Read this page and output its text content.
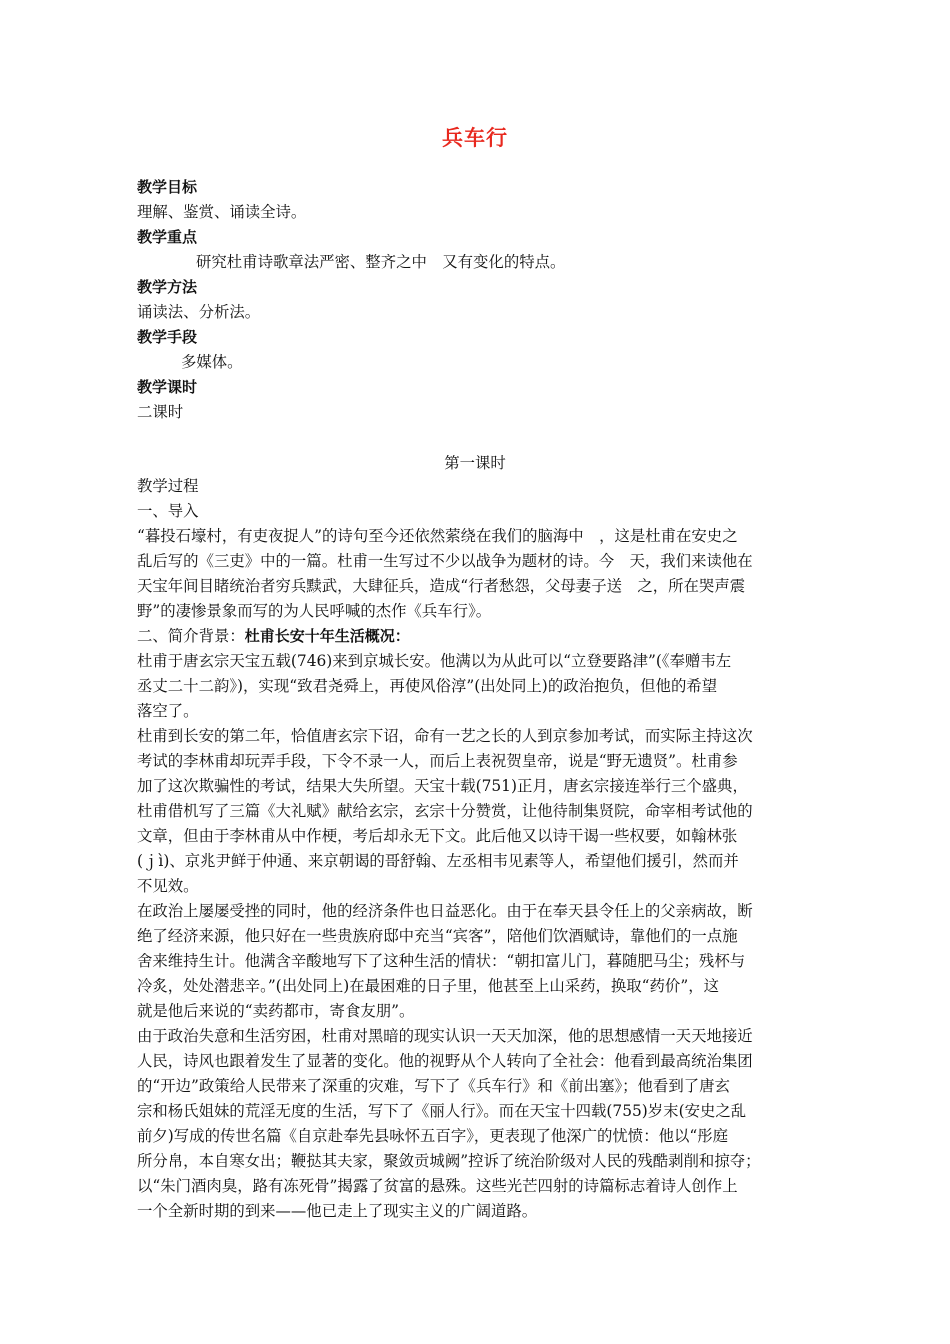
兵车行
教学目标
理解、鉴赏、诵读全诗。
教学重点
研究杜甫诗歌章法严密、整齐之中　又有变化的特点。
教学方法
诵读法、分析法。
教学手段
多媒体。
教学课时
二课时
第一课时
教学过程
一、导入
“暮投石壕村，有吏夜捉人”的诗句至今还依然萦绕在我们的脑海中　，这是杜甫在安史之
乱后写的《三吏》中的一篇。杜甫一生写过不少以战争为题材的诗。今　天，我们来读他在
天宝年间目睹统治者穷兵黩武，大肆征兵，造成“行者愁怨，父母妻子送　之，所在哭声震
野”的凄惨景象而写的为人民呼喊的杰作《兵车行》。
二、简介背景：杜甫长安十年生活概况：
杜甫于唐玄宗天宝五载(746)来到京城长安。他满以为从此可以“立登要路津”(《奉赠韦左
丞丈二十二韵》)，实现“致君尧舜上，再使风俗淳”(出处同上)的政治抱负，但他的希望
落空了。
杜甫到长安的第二年，恰值唐玄宗下诏，命有一艺之长的人到京参加考试，而实际主持这次
考试的李林甫却玩弄手段，下令不录一人，而后上表祝贺皇帝，说是“野无遗贤”。杜甫参
加了这次欺骗性的考试，结果大失所望。天宝十载(751)正月，唐玄宗接连举行三个盛典，
杜甫借机写了三篇《大礼赋》献给玄宗，玄宗十分赞赏，让他待制集贤院，命宰相考试他的
文章，但由于李林甫从中作梗，考后却永无下文。此后他又以诗干谒一些权要，如翰林张
(ｊì)、京兆尹鲜于仲通、来京朝谒的哥舒翰、左丞相韦见素等人，希望他们援引，然而并
不见效。
在政治上屡屡受挫的同时，他的经济条件也日益恶化。由于在奉天县令任上的父亲病故，断
绝了经济来源，他只好在一些贵族府邸中充当“宾客”，陪他们饮酒赋诗，靠他们的一点施
舍来维持生计。他满含辛酸地写下了这种生活的情状：“朝扣富儿门，暮随肥马尘；残杯与
冷炙，处处潜悲辛。”(出处同上)在最困难的日子里，他甚至上山采药，换取“药价”，这
就是他后来说的“卖药都市，寄食友朋”。
由于政治失意和生活穷困，杜甫对黑暗的现实认识一天天加深，他的思想感情一天天地接近
人民，诗风也跟着发生了显著的变化。他的视野从个人转向了全社会：他看到最高统治集团
的“开边”政策给人民带来了深重的灾难，写下了《兵车行》和《前出塞》；他看到了唐玄
宗和杨氏姐妹的荒淫无度的生活，写下了《丽人行》。而在天宝十四载(755)岁末(安史之乱
前夕)写成的传世名篇《自京赴奉先县咏怀五百字》，更表现了他深广的忧愤：他以“彤庭
所分帛，本自寒女出；鞭挞其夫家，聚敛贡城阙”控诉了统治阶级对人民的残酷剥削和掠夺；
以“朱门酒肉臭，路有冻死骨”揭露了贫富的悬殊。这些光芒四射的诗篇标志着诗人创作上
一个全新时期的到来——他已走上了现实主义的广阔道路。
